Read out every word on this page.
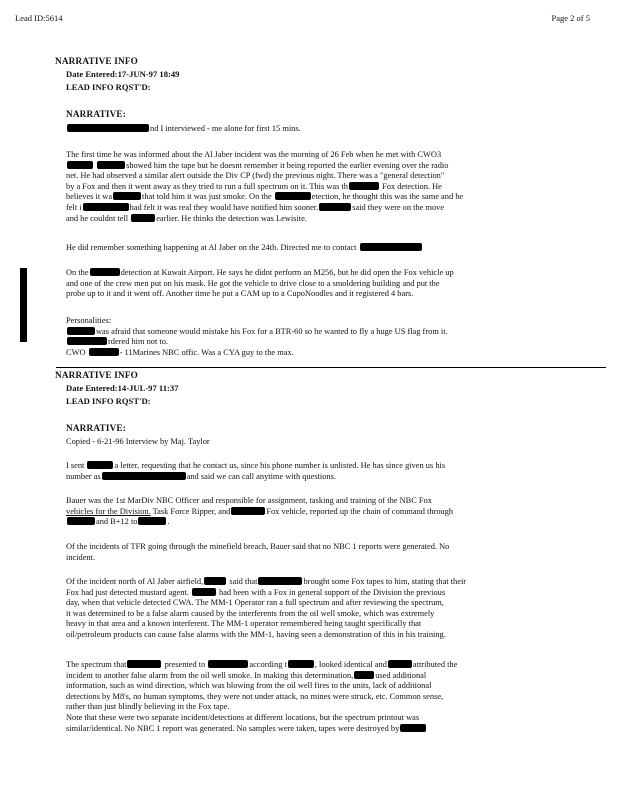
Lead ID:5614	Page 2 of 5
NARRATIVE INFO
Date Entered:17-JUN-97 18:49
LEAD INFO RQST'D:
NARRATIVE:

nd I interviewed - me alone for first 15 mins.

The first time he was informed about the Al Jaber incident was the morning of 26 Feb when he met with CWO3
showed him the tape but he doesnt remember it being reported the earlier evening over the radio
net. He had observed a similar alert outside the Div CP (fwd) the previous night. There was a "general detection"
by a Fox and then it went away as they tried to run a full spectrum on it. This was th	Fox detection. He
believes it wa	that told him it was just smoke. On the	etection, he thought this was the same and he
felt i	had felt it was real they would have notified him sooner.	said they were on the move
and he couldnt tell	earlier. He thinks the detection was Lewisite.

He did remember something happening at Al Jaber on the 24th. Directed me to contact

On the	detection at Kuwait Airport. He says he didnt perform an M256, but he did open the Fox vehicle up
and one of the crew men put on his mask. He got the vehicle to drive close to a smoldering building and put the
probe up to it and it went off. Another time he put a CAM up to a CupoNoodles and it registered 4 bars.
Personalities:
was afraid that someone would mistake his Fox for a BTR-60 so he wanted to fly a huge US flag from it.
rdered him not to.
CWO	- 11Marines NBC offic. Was a CYA guy to the max.
NARRATIVE INFO
Date Entered:14-JUL-97 11:37
LEAD INFO RQST'D:
NARRATIVE:

Copied - 6-21-96 Interview by Maj. Taylor

I sent	a letter, requesting that he contact us, since his phone number is unlisted. He has since given us his
number as	and said we can call anytime with questions.
Bauer was the 1st MarDiv NBC Officer and responsible for assignment, tasking and training of the NBC Fox
vehicles for the Division. Task Force Ripper, and	Fox vehicle, reported up the chain of command through
and B+12 to	.
Of the incidents of TFR going through the minefield breach, Bauer said that no NBC 1 reports were generated. No
incident.
Of the incident north of Al Jaber airfield,	said that	brought some Fox tapes to him, stating that their
Fox had just detected mustard agent.	had been with a Fox in general support of the Division the previous
day, when that vehicle detected CWA. The MM-1 Operator ran a full spectrum and after reviewing the spectrum,
it was determined to be a false alarm caused by the interferents from the oil well smoke, which was extremely
heavy in that area and a known interferent. The MM-1 operator remembered being taught specifically that
oil/petroleum products can cause false alarms with the MM-1, having seen a demonstration of this in his training.
The spectrum that	presented to	according t	, looked identical and	attributed the
incident to another false alarm from the oil well smoke. In making this determination,	used additional
information, such as wind direction, which was blowing from the oil well fires to the units, lack of additional
detections by M8's, no human symptoms, they were not under attack, no mines were struck, etc. Common sense,
rather than just blindly believing in the Fox tape.
Note that these were two separate incident/detections at different locations, but the spectrum printout was
similar/identical. No NBC 1 report was generated. No samples were taken, tapes were destroyed by
